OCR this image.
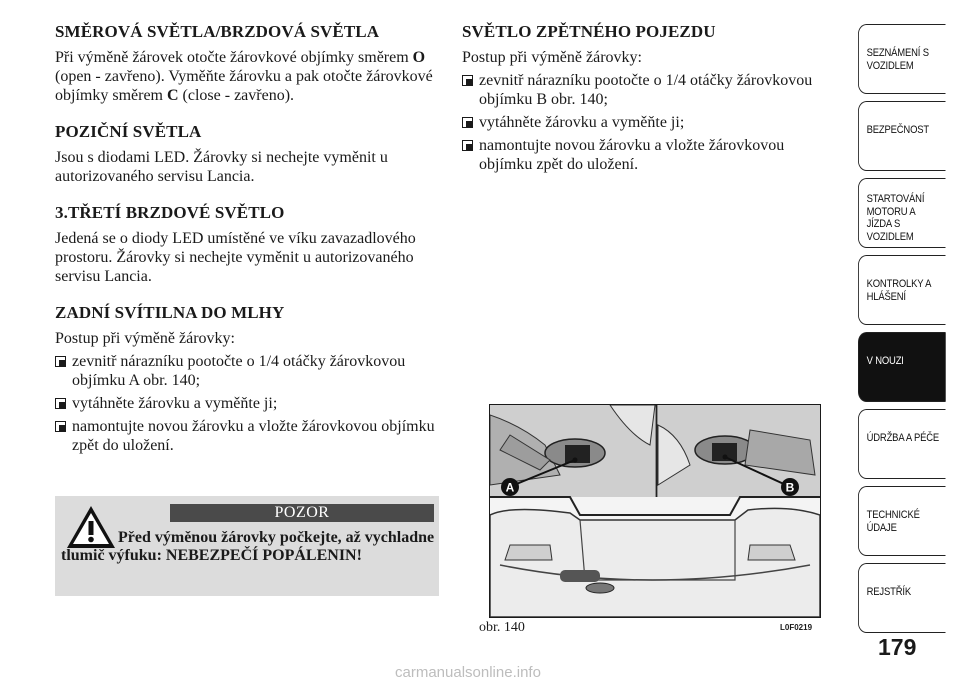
SMĚROVÁ SVĚTLA/BRZDOVÁ SVĚTLA

Při výměně žárovek otočte žárovkové objímky směrem O (open - zavřeno). Vyměňte žárovku a pak otočte žárovkové objímky směrem C (close - zavřeno).

POZIČNÍ SVĚTLA

Jsou s diodami LED. Žárovky si nechejte vyměnit u autorizovaného servisu Lancia.

3.TŘETÍ BRZDOVÉ SVĚTLO

Jedená se o diody LED umístěné ve víku zavazadlového prostoru. Žárovky si nechejte vyměnit u autorizovaného servisu Lancia.

ZADNÍ SVÍTILNA DO MLHY

Postup při výměně žárovky:

zevnitř nárazníku pootočte o 1/4 otáčky žárovkovou objímku A obr. 140;
vytáhněte žárovku a vyměňte ji;
namontujte novou žárovku a vložte žárovkovou objímku zpět do uložení.
POZOR
Před výměnou žárovky počkejte, až vychladne tlumič výfuku: NEBEZPEČÍ POPÁLENIN!
SVĚTLO ZPĚTNÉHO POJEZDU

Postup při výměně žárovky:

zevnitř nárazníku pootočte o 1/4 otáčky žárovkovou objímku B obr. 140;
vytáhněte žárovku a vyměňte ji;
namontujte novou žárovku a vložte žárovkovou objímku zpět do uložení.
A	B
obr. 140	L0F0219
SEZNÁMENÍ S VOZIDLEM
BEZPEČNOST
STARTOVÁNÍ MOTORU A JÍZDA S VOZIDLEM
KONTROLKY A HLÁŠENÍ
V NOUZI
ÚDRŽBA A PÉČE
TECHNICKÉ ÚDAJE
REJSTŘÍK
179
carmanualsonline.info
